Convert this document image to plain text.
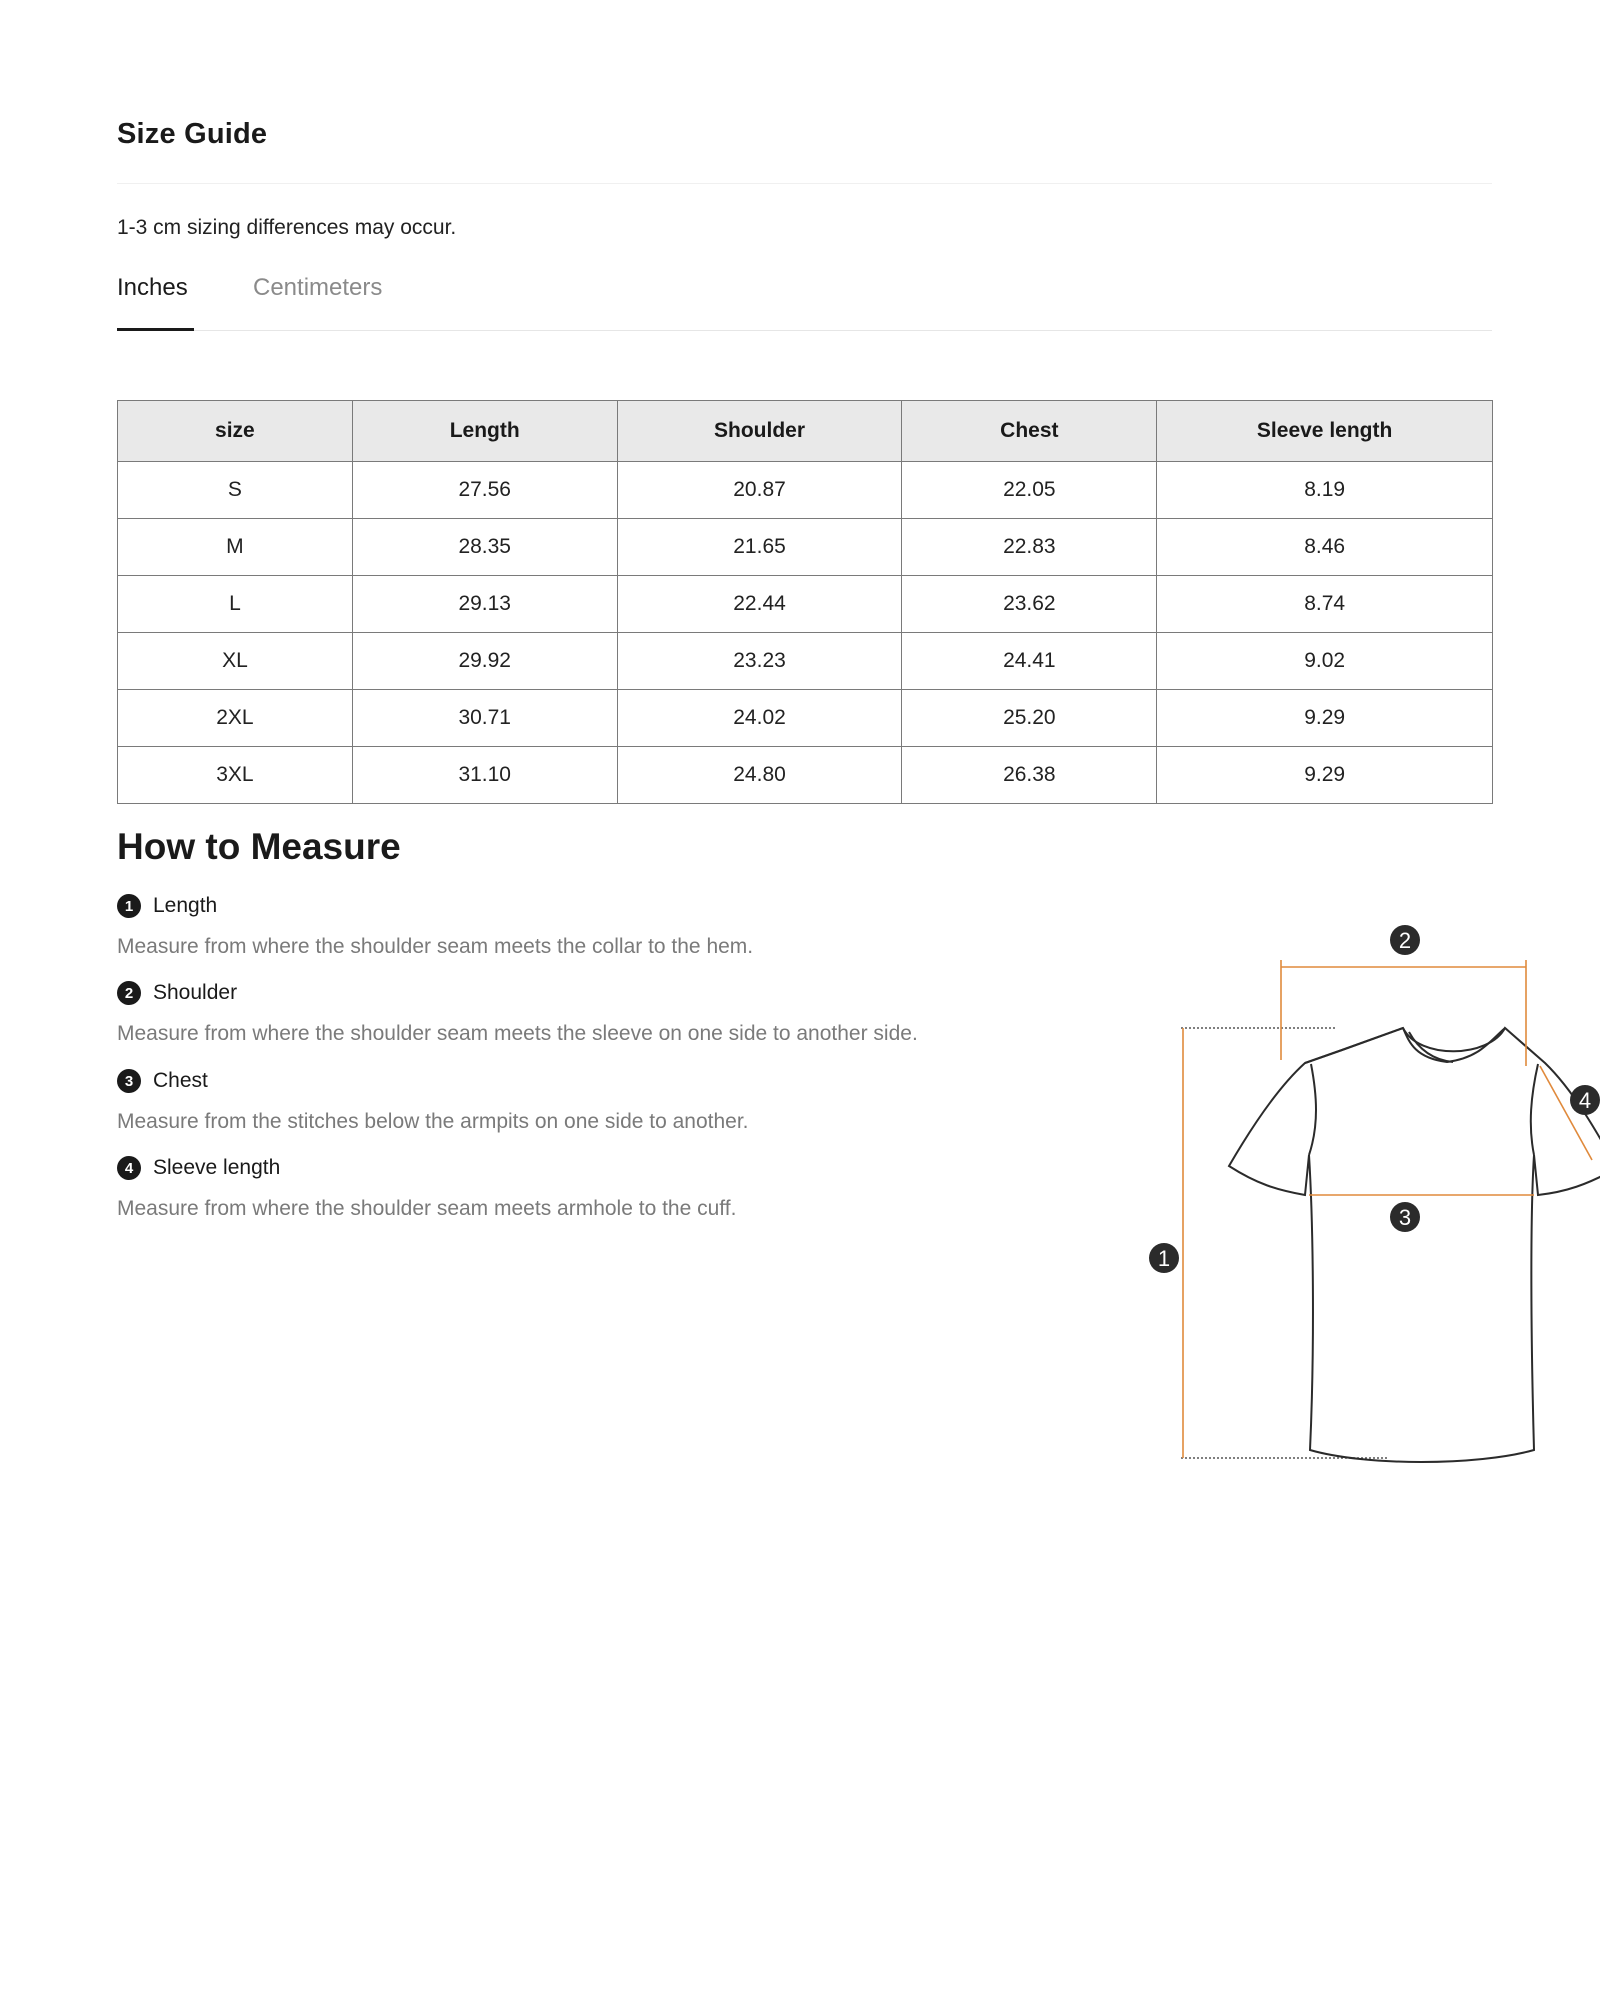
Size Guide
1-3 cm sizing differences may occur.
Inches	Centimeters
size	Length	Shoulder	Chest	Sleeve length
S	27.56	20.87	22.05	8.19
M	28.35	21.65	22.83	8.46
L	29.13	22.44	23.62	8.74
XL	29.92	23.23	24.41	9.02
2XL	30.71	24.02	25.20	9.29
3XL	31.10	24.80	26.38	9.29
How to Measure
1 Length
Measure from where the shoulder seam meets the collar to the hem.
2 Shoulder
Measure from where the shoulder seam meets the sleeve on one side to another side.
3 Chest
Measure from the stitches below the armpits on one side to another.
4 Sleeve length
Measure from where the shoulder seam meets armhole to the cuff.
1
2
3
4
